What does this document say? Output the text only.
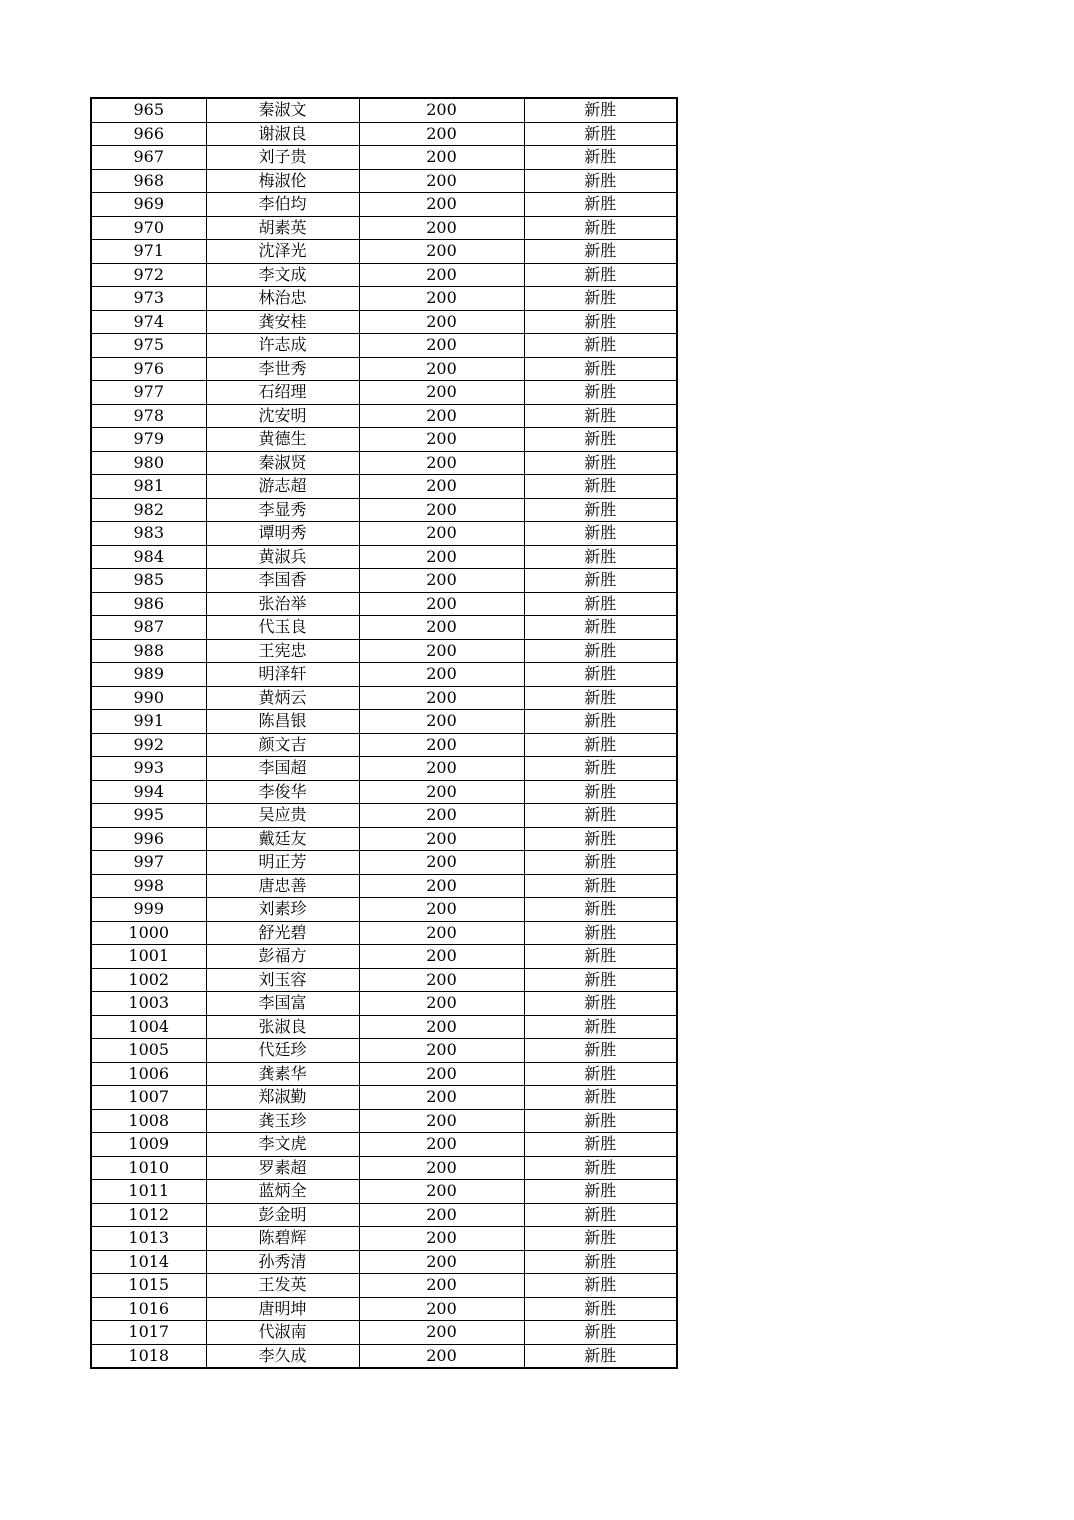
965	秦淑文	200	新胜
966	谢淑良	200	新胜
967	刘子贵	200	新胜
968	梅淑伦	200	新胜
969	李伯均	200	新胜
970	胡素英	200	新胜
971	沈泽光	200	新胜
972	李文成	200	新胜
973	林治忠	200	新胜
974	龚安桂	200	新胜
975	许志成	200	新胜
976	李世秀	200	新胜
977	石绍理	200	新胜
978	沈安明	200	新胜
979	黄德生	200	新胜
980	秦淑贤	200	新胜
981	游志超	200	新胜
982	李显秀	200	新胜
983	谭明秀	200	新胜
984	黄淑兵	200	新胜
985	李国香	200	新胜
986	张治举	200	新胜
987	代玉良	200	新胜
988	王宪忠	200	新胜
989	明泽轩	200	新胜
990	黄炳云	200	新胜
991	陈昌银	200	新胜
992	颜文吉	200	新胜
993	李国超	200	新胜
994	李俊华	200	新胜
995	吴应贵	200	新胜
996	戴廷友	200	新胜
997	明正芳	200	新胜
998	唐忠善	200	新胜
999	刘素珍	200	新胜
1000	舒光碧	200	新胜
1001	彭福方	200	新胜
1002	刘玉容	200	新胜
1003	李国富	200	新胜
1004	张淑良	200	新胜
1005	代廷珍	200	新胜
1006	龚素华	200	新胜
1007	郑淑勤	200	新胜
1008	龚玉珍	200	新胜
1009	李文虎	200	新胜
1010	罗素超	200	新胜
1011	蓝炳全	200	新胜
1012	彭金明	200	新胜
1013	陈碧辉	200	新胜
1014	孙秀清	200	新胜
1015	王发英	200	新胜
1016	唐明坤	200	新胜
1017	代淑南	200	新胜
1018	李久成	200	新胜
